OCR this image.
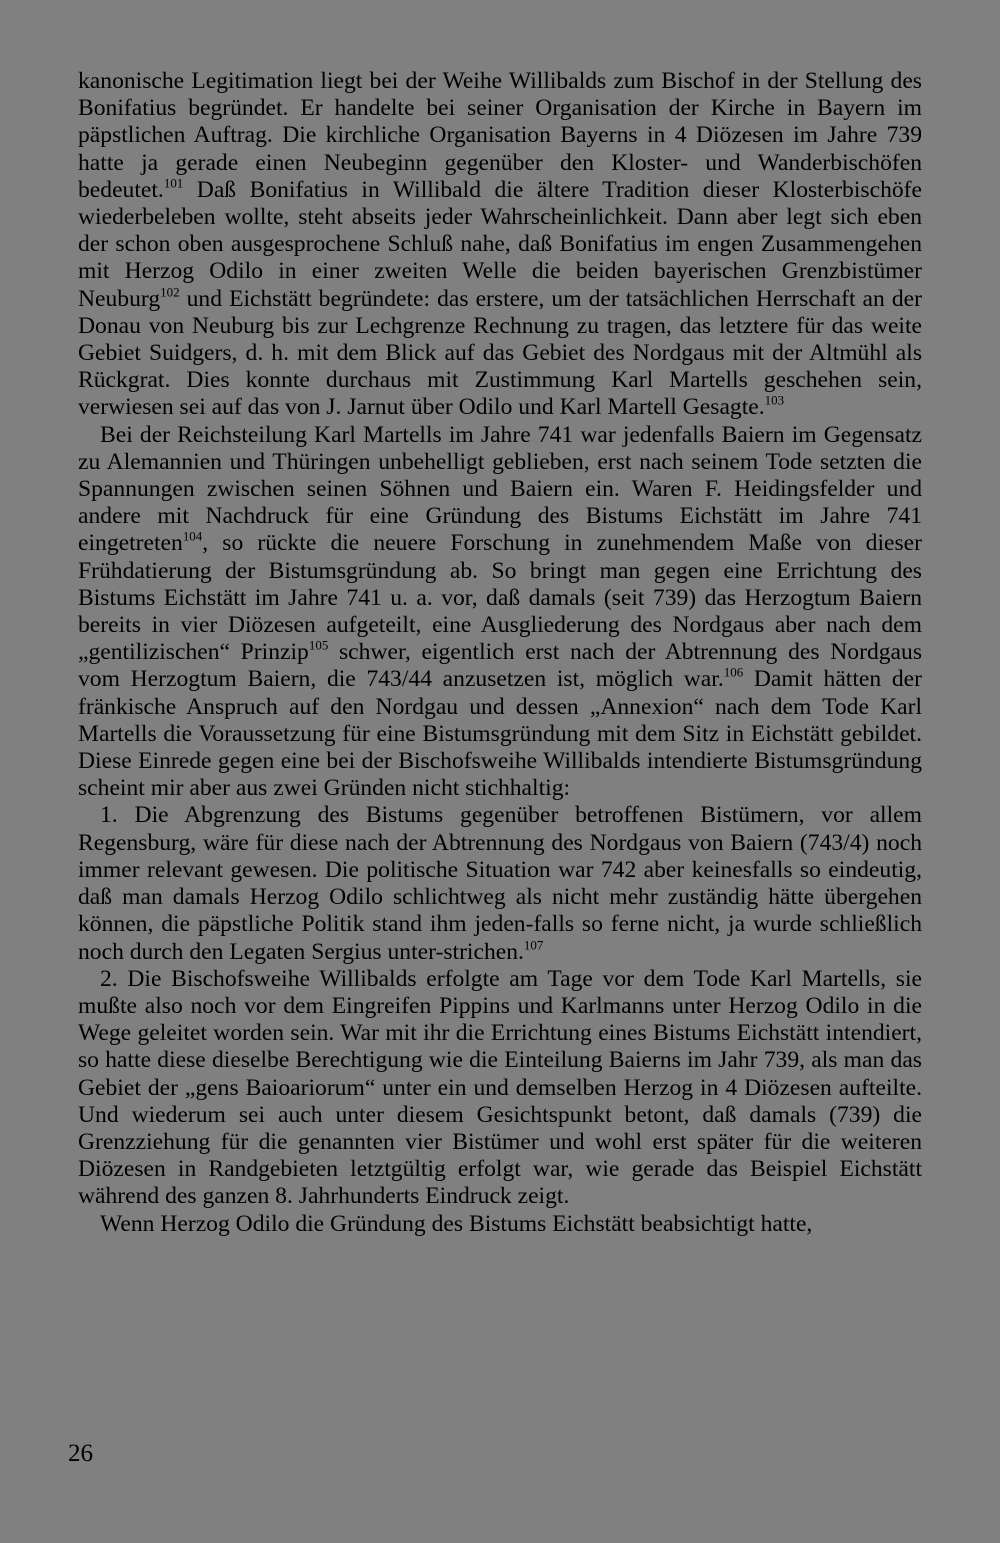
kanonische Legitimation liegt bei der Weihe Willibalds zum Bischof in der Stellung des Bonifatius begründet. Er handelte bei seiner Organisation der Kirche in Bayern im päpstlichen Auftrag. Die kirchliche Organisation Bayerns in 4 Diözesen im Jahre 739 hatte ja gerade einen Neubeginn gegenüber den Kloster- und Wanderbischöfen bedeutet.$^{101}$ Daß Bonifatius in Willibald die ältere Tradition dieser Klosterbischöfe wiederbeleben wollte, steht abseits jeder Wahrscheinlichkeit. Dann aber legt sich eben der schon oben ausgesprochene Schluß nahe, daß Bonifatius im engen Zusammengehen mit Herzog Odilo in einer zweiten Welle die beiden bayerischen Grenzbistümer Neuburg$^{102}$ und Eichstätt begründete: das erstere, um der tatsächlichen Herrschaft an der Donau von Neuburg bis zur Lechgrenze Rechnung zu tragen, das letztere für das weite Gebiet Suidgers, d. h. mit dem Blick auf das Gebiet des Nordgaus mit der Altmühl als Rückgrat. Dies konnte durchaus mit Zustimmung Karl Martells geschehen sein, verwiesen sei auf das von J. Jarnut über Odilo und Karl Martell Gesagte.$^{103}$

Bei der Reichsteilung Karl Martells im Jahre 741 war jedenfalls Baiern im Gegensatz zu Alemannien und Thüringen unbehelligt geblieben, erst nach seinem Tode setzten die Spannungen zwischen seinen Söhnen und Baiern ein. Waren F. Heidingsfelder und andere mit Nachdruck für eine Gründung des Bistums Eichstätt im Jahre 741 eingetreten$^{104}$, so rückte die neuere Forschung in zunehmendem Maße von dieser Frühdatierung der Bistumsgründung ab. So bringt man gegen eine Errichtung des Bistums Eichstätt im Jahre 741 u. a. vor, daß damals (seit 739) das Herzogtum Baiern bereits in vier Diözesen aufgeteilt, eine Ausgliederung des Nordgaus aber nach dem „gentilizischen“ Prinzip$^{105}$ schwer, eigentlich erst nach der Abtrennung des Nordgaus vom Herzogtum Baiern, die 743/44 anzusetzen ist, möglich war.$^{106}$ Damit hätten der fränkische Anspruch auf den Nordgau und dessen „Annexion“ nach dem Tode Karl Martells die Voraussetzung für eine Bistumsgründung mit dem Sitz in Eichstätt gebildet. Diese Einrede gegen eine bei der Bischofsweihe Willibalds intendierte Bistumsgründung scheint mir aber aus zwei Gründen nicht stichhaltig:

1. Die Abgrenzung des Bistums gegenüber betroffenen Bistümern, vor allem Regensburg, wäre für diese nach der Abtrennung des Nordgaus von Baiern (743/4) noch immer relevant gewesen. Die politische Situation war 742 aber keinesfalls so eindeutig, daß man damals Herzog Odilo schlichtweg als nicht mehr zuständig hätte übergehen können, die päpstliche Politik stand ihm jeden-falls so ferne nicht, ja wurde schließlich noch durch den Legaten Sergius unter-strichen.$^{107}$

2. Die Bischofsweihe Willibalds erfolgte am Tage vor dem Tode Karl Martells, sie mußte also noch vor dem Eingreifen Pippins und Karlmanns unter Herzog Odilo in die Wege geleitet worden sein. War mit ihr die Errichtung eines Bistums Eichstätt intendiert, so hatte diese dieselbe Berechtigung wie die Einteilung Baierns im Jahr 739, als man das Gebiet der „gens Baioariorum“ unter ein und demselben Herzog in 4 Diözesen aufteilte. Und wiederum sei auch unter diesem Gesichtspunkt betont, daß damals (739) die Grenzziehung für die genannten vier Bistümer und wohl erst später für die weiteren Diözesen in Randgebieten letztgültig erfolgt war, wie gerade das Beispiel Eichstätt während des ganzen 8. Jahrhunderts Eindruck zeigt.

Wenn Herzog Odilo die Gründung des Bistums Eichstätt beabsichtigt hatte,

26
